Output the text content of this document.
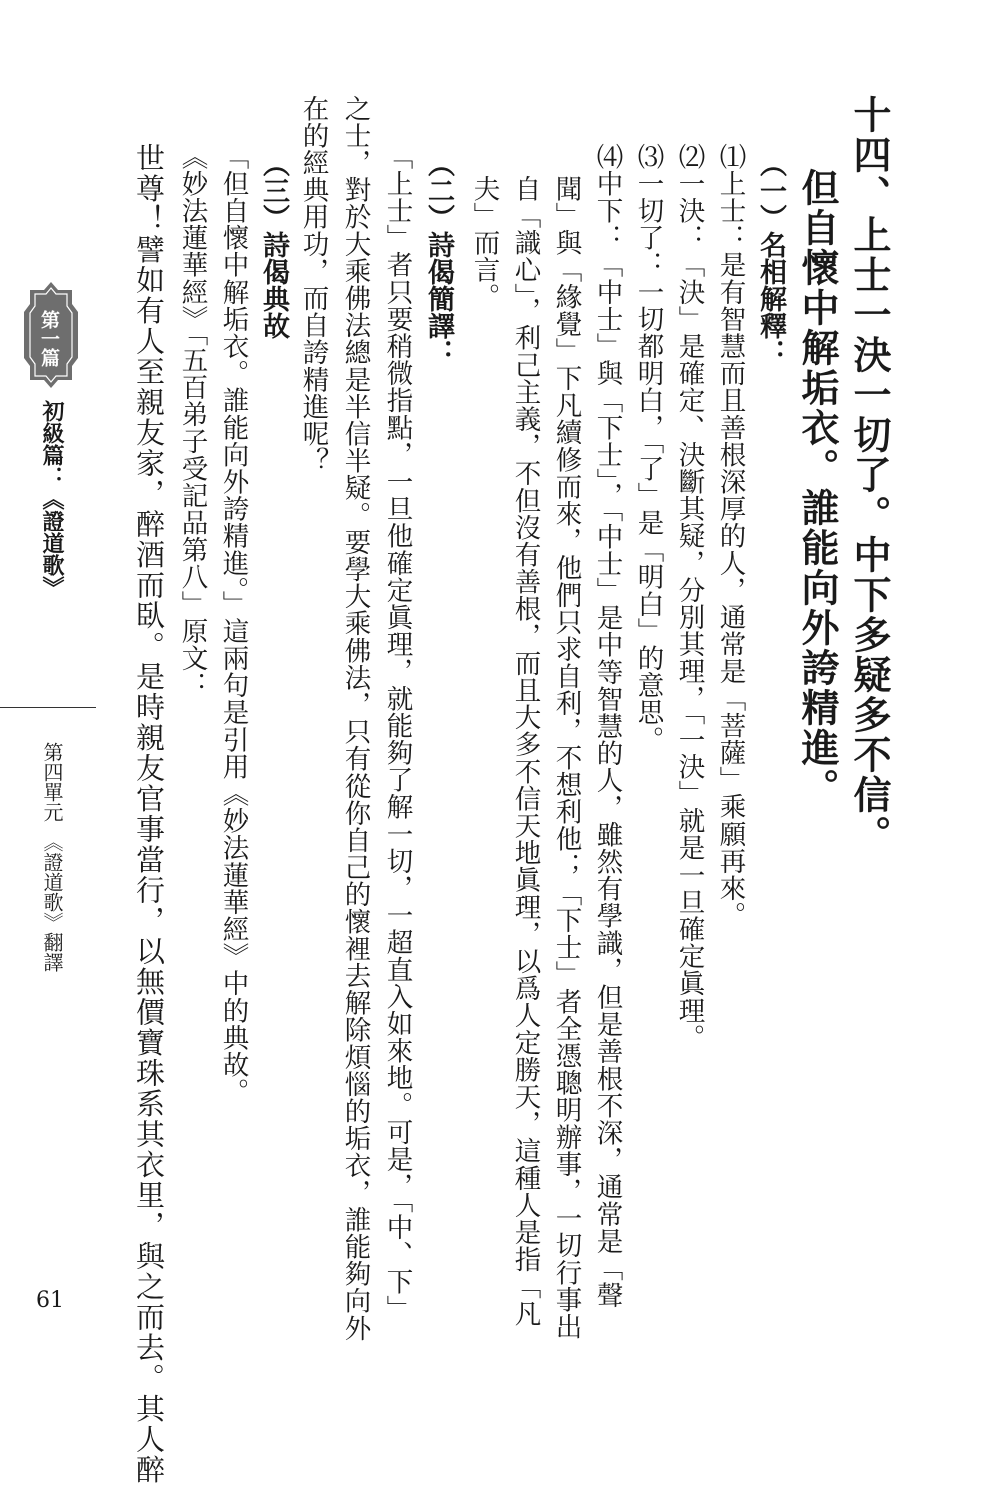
十四、上士一決一切了。中下多疑多不信。
但自懷中解垢衣。誰能向外誇精進。
（一）名相解釋：
⑴上士：是有智慧而且善根深厚的人，通常是「菩薩」乘願再來。
⑵一決：「決」是確定、決斷其疑，分別其理，「一決」就是一旦確定眞理。
⑶一切了：一切都明白，「了」是「明白」的意思。
⑷中下：「中士」與「下士」，「中士」是中等智慧的人，雖然有學識，但是善根不深，通常是「聲
聞」與「緣覺」下凡續修而來，他們只求自利，不想利他；「下士」者全憑聰明辦事，一切行事出
自「識心」，利己主義，不但沒有善根，而且大多不信天地眞理，以爲人定勝天，這種人是指「凡
夫」而言。
（二）詩偈簡譯：
「上士」者只要稍微指點，一旦他確定眞理，就能夠了解一切，一超直入如來地。可是，「中、下」
之士，對於大乘佛法總是半信半疑。要學大乘佛法，只有從你自己的懷裡去解除煩惱的垢衣，誰能夠向外
在的經典用功，而自誇精進呢？
（三）詩偈典故
「但自懷中解垢衣。誰能向外誇精進。」這兩句是引用《妙法蓮華經》中的典故。
《妙法蓮華經》「五百弟子受記品第八」原文：
世尊！譬如有人至親友家，醉酒而臥。是時親友官事當行，以無價寶珠系其衣里，與之而去。其人醉
第一篇
初級篇：《證道歌》
第四單元　《證道歌》翻譯
61
